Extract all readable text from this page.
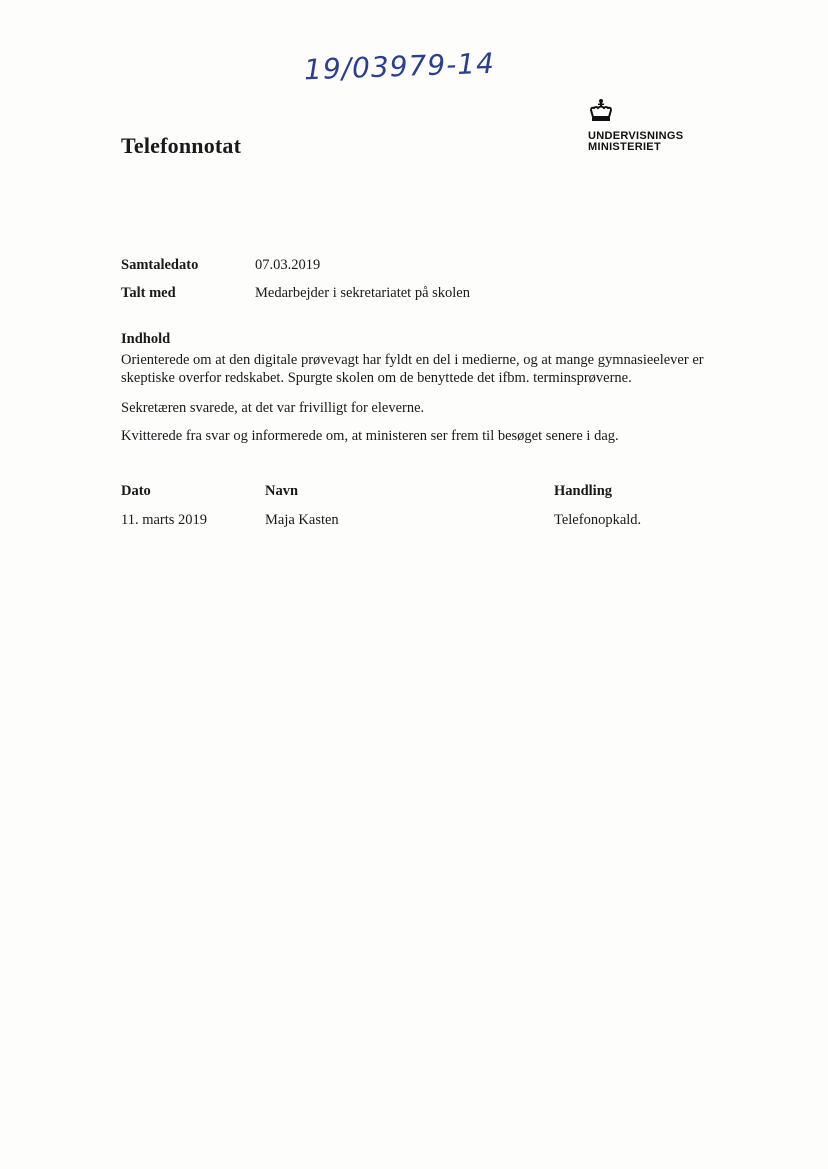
19/03979-14
UNDERVISNINGS
MINISTERIET
Telefonnotat
Samtaledato	07.03.2019
Talt med	Medarbejder i sekretariatet på skolen
Indhold
Orienterede om at den digitale prøvevagt har fyldt en del i medierne, og at mange gymnasieelever er skeptiske overfor redskabet. Spurgte skolen om de benyttede det ifbm. terminsprøverne.
Sekretæren svarede, at det var frivilligt for eleverne.
Kvitterede fra svar og informerede om, at ministeren ser frem til besøget senere i dag.
Dato	Navn	Handling
11. marts 2019	Maja Kasten	Telefonopkald.
